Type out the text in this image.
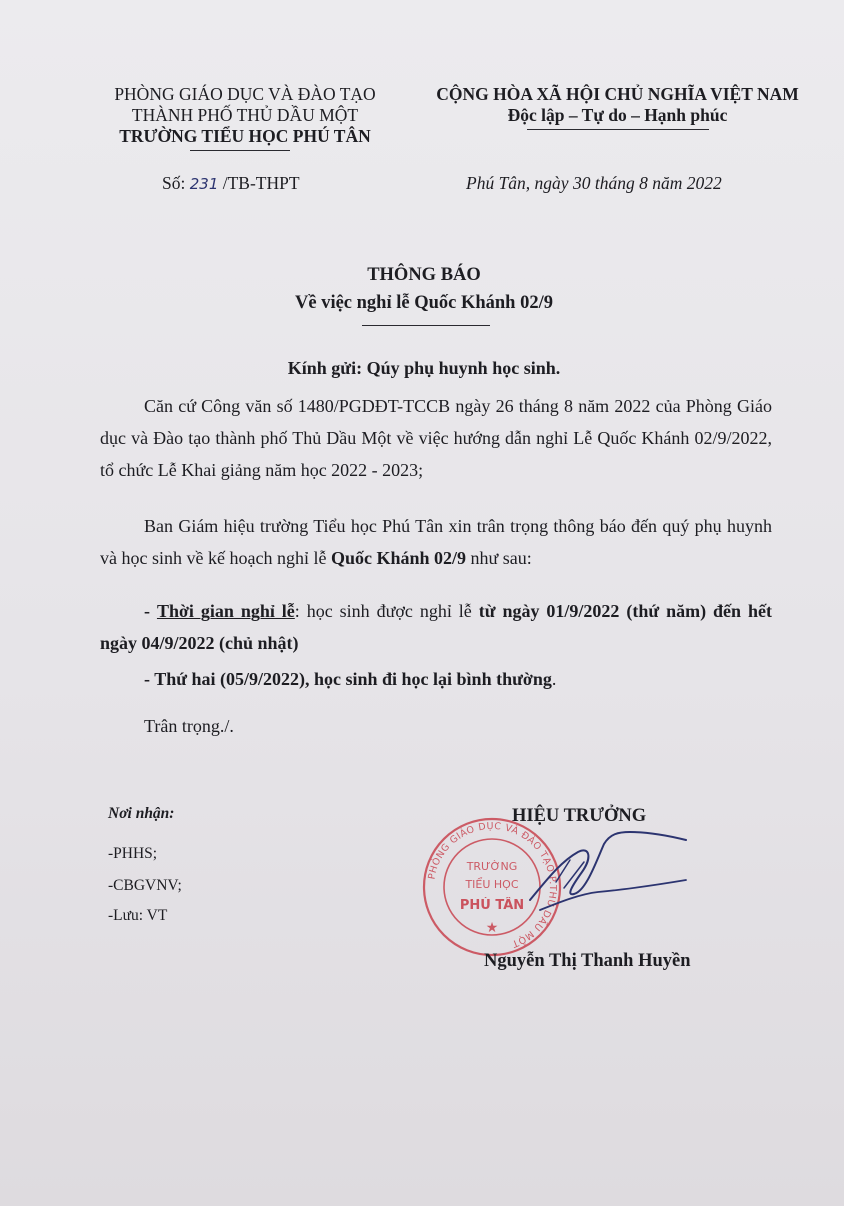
PHÒNG GIÁO DỤC VÀ ĐÀO TẠO
THÀNH PHỐ THỦ DẦU MỘT
TRƯỜNG TIỂU HỌC PHÚ TÂN
CỘNG HÒA XÃ HỘI CHỦ NGHĨA VIỆT NAM
Độc lập – Tự do – Hạnh phúc
Số: 231 /TB-THPT	Phú Tân, ngày 30 tháng 8 năm 2022
THÔNG BÁO
Về việc nghỉ lễ Quốc Khánh 02/9
Kính gửi: Qúy phụ huynh học sinh.
Căn cứ Công văn số 1480/PGDĐT-TCCB ngày 26 tháng 8 năm 2022 của Phòng Giáo dục và Đào tạo thành phố Thủ Dầu Một về việc hướng dẫn nghỉ Lễ Quốc Khánh 02/9/2022, tổ chức Lễ Khai giảng năm học 2022 - 2023;
Ban Giám hiệu trường Tiểu học Phú Tân xin trân trọng thông báo đến quý phụ huynh và học sinh về kế hoạch nghỉ lễ Quốc Khánh 02/9 như sau:
- Thời gian nghỉ lễ: học sinh được nghỉ lễ từ ngày 01/9/2022 (thứ năm) đến hết ngày 04/9/2022 (chủ nhật)
- Thứ hai (05/9/2022), học sinh đi học lại bình thường.
Trân trọng./.
Nơi nhận:
-PHHS;
-CBGVNV;
-Lưu: VT
HIỆU TRƯỞNG
PHÒNG GIÁO DỤC VÀ ĐÀO TẠO P.THỦ DẦU MỘT
TRƯỜNG
TIỂU HỌC
PHÚ TÂN
★
Nguyễn Thị Thanh Huyền
